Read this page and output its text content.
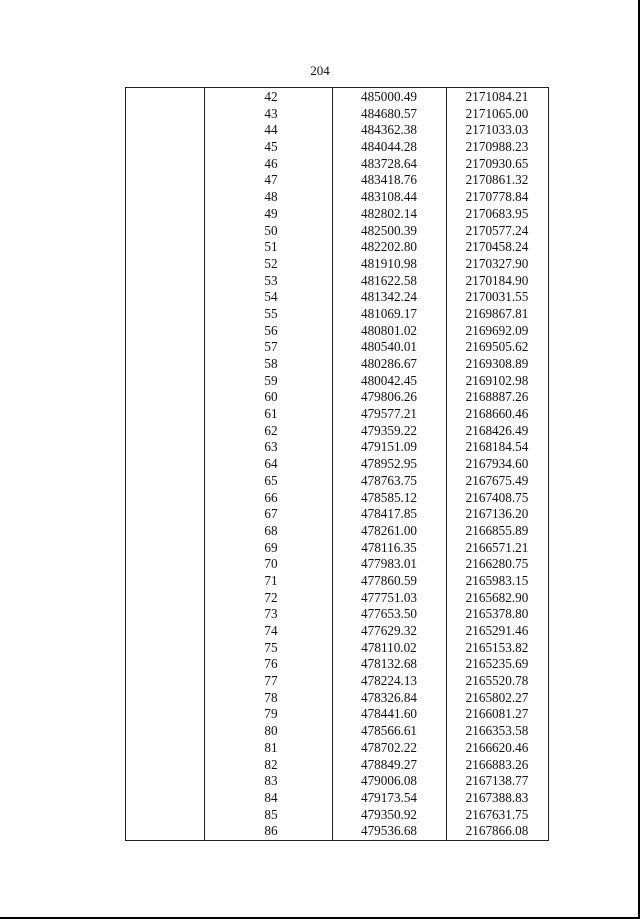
204
42	485000.49	2171084.21
43	484680.57	2171065.00
44	484362.38	2171033.03
45	484044.28	2170988.23
46	483728.64	2170930.65
47	483418.76	2170861.32
48	483108.44	2170778.84
49	482802.14	2170683.95
50	482500.39	2170577.24
51	482202.80	2170458.24
52	481910.98	2170327.90
53	481622.58	2170184.90
54	481342.24	2170031.55
55	481069.17	2169867.81
56	480801.02	2169692.09
57	480540.01	2169505.62
58	480286.67	2169308.89
59	480042.45	2169102.98
60	479806.26	2168887.26
61	479577.21	2168660.46
62	479359.22	2168426.49
63	479151.09	2168184.54
64	478952.95	2167934.60
65	478763.75	2167675.49
66	478585.12	2167408.75
67	478417.85	2167136.20
68	478261.00	2166855.89
69	478116.35	2166571.21
70	477983.01	2166280.75
71	477860.59	2165983.15
72	477751.03	2165682.90
73	477653.50	2165378.80
74	477629.32	2165291.46
75	478110.02	2165153.82
76	478132.68	2165235.69
77	478224.13	2165520.78
78	478326.84	2165802.27
79	478441.60	2166081.27
80	478566.61	2166353.58
81	478702.22	2166620.46
82	478849.27	2166883.26
83	479006.08	2167138.77
84	479173.54	2167388.83
85	479350.92	2167631.75
86	479536.68	2167866.08
